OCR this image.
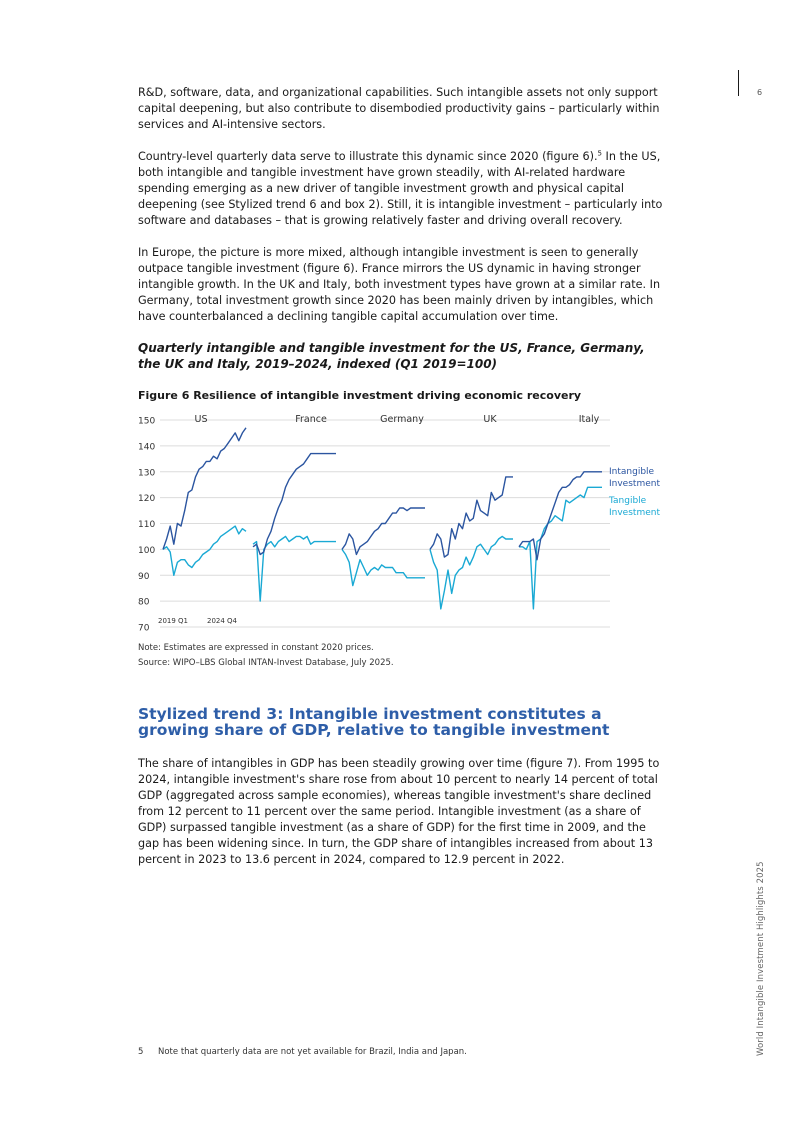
6
World Intangible Investment Highlights 2025

R&D, software, data, and organizational capabilities. Such intangible assets not only support capital deepening, but also contribute to disembodied productivity gains – particularly within services and AI-intensive sectors.

Country-level quarterly data serve to illustrate this dynamic since 2020 (figure 6).$^5$ In the US, both intangible and tangible investment have grown steadily, with AI-related hardware spending emerging as a new driver of tangible investment growth and physical capital deepening (see Stylized trend 6 and box 2). Still, it is intangible investment – particularly into software and databases – that is growing relatively faster and driving overall recovery.

In Europe, the picture is more mixed, although intangible investment is seen to generally outpace tangible investment (figure 6). France mirrors the US dynamic in having stronger intangible growth. In the UK and Italy, both investment types have grown at a similar rate. In Germany, total investment growth since 2020 has been mainly driven by intangibles, which have counterbalanced a declining tangible capital accumulation over time.

Quarterly intangible and tangible investment for the US, France, Germany, the UK and Italy, 2019–2024, indexed (Q1 2019=100)

Figure 6 Resilience of intangible investment driving economic recovery

150
140
130
120
110
100
90
80
70
US	France	Germany	UK	Italy
2019 Q1	2024 Q4
Intangible
Investment
Tangible
Investment

Note: Estimates are expressed in constant 2020 prices.

Source: WIPO–LBS Global INTAN-Invest Database, July 2025.

Stylized trend 3: Intangible investment constitutes a growing share of GDP, relative to tangible investment

The share of intangibles in GDP has been steadily growing over time (figure 7). From 1995 to 2024, intangible investment's share rose from about 10 percent to nearly 14 percent of total GDP (aggregated across sample economies), whereas tangible investment's share declined from 12 percent to 11 percent over the same period. Intangible investment (as a share of GDP) surpassed tangible investment (as a share of GDP) for the first time in 2009, and the gap has been widening since. In turn, the GDP share of intangibles increased from about 13 percent in 2023 to 13.6 percent in 2024, compared to 12.9 percent in 2022.

5 Note that quarterly data are not yet available for Brazil, India and Japan.
